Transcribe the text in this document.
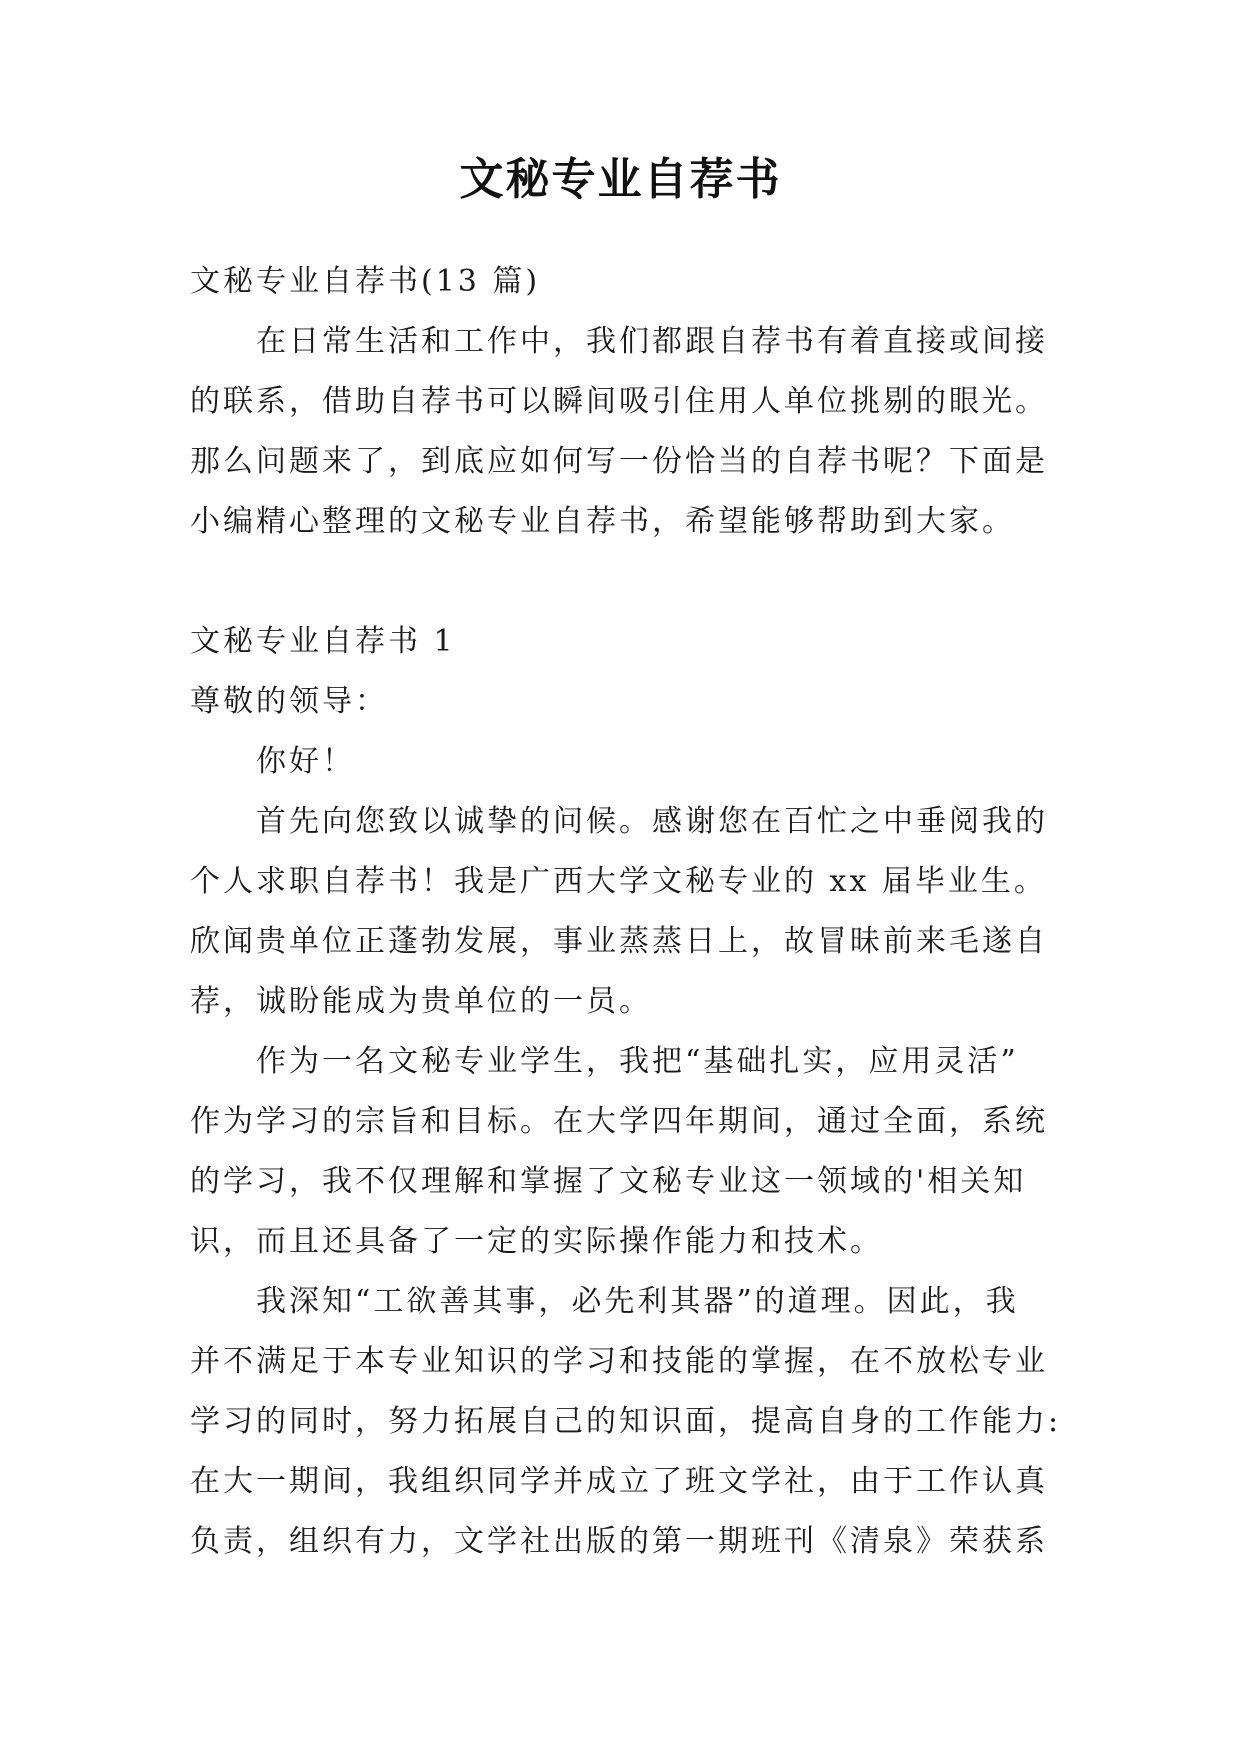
文秘专业自荐书
文秘专业自荐书(13 篇)
在日常生活和工作中，我们都跟自荐书有着直接或间接
的联系，借助自荐书可以瞬间吸引住用人单位挑剔的眼光。
那么问题来了，到底应如何写一份恰当的自荐书呢？下面是
小编精心整理的文秘专业自荐书，希望能够帮助到大家。
文秘专业自荐书 1
尊敬的领导：
你好！
首先向您致以诚挚的问候。感谢您在百忙之中垂阅我的
个人求职自荐书！我是广西大学文秘专业的 xx 届毕业生。
欣闻贵单位正蓬勃发展，事业蒸蒸日上，故冒昧前来毛遂自
荐，诚盼能成为贵单位的一员。
作为一名文秘专业学生，我把“基础扎实，应用灵活”
作为学习的宗旨和目标。在大学四年期间，通过全面，系统
的学习，我不仅理解和掌握了文秘专业这一领域的'相关知
识，而且还具备了一定的实际操作能力和技术。
我深知“工欲善其事，必先利其器”的道理。因此，我
并不满足于本专业知识的学习和技能的掌握，在不放松专业
学习的同时，努力拓展自己的知识面，提高自身的工作能力:
在大一期间，我组织同学并成立了班文学社，由于工作认真
负责，组织有力，文学社出版的第一期班刊《清泉》荣获系
